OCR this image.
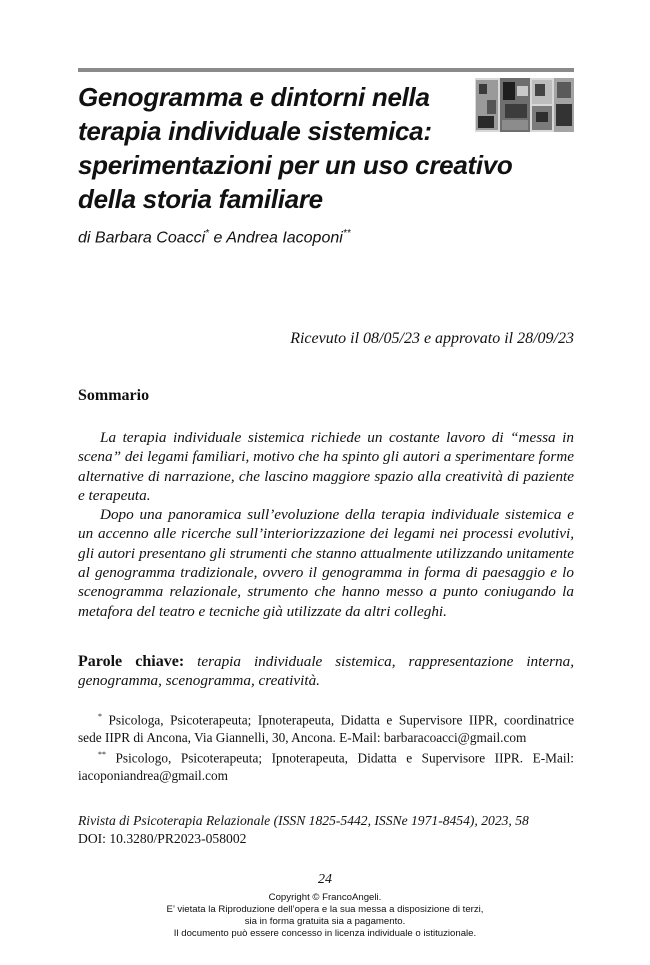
Genogramma e dintorni nella
terapia individuale sistemica:
sperimentazioni per un uso creativo
della storia familiare
di Barbara Coacci* e Andrea Iacoponi**
Ricevuto il 08/05/23 e approvato il 28/09/23
Sommario

La terapia individuale sistemica richiede un costante lavoro di “messa in scena” dei legami familiari, motivo che ha spinto gli autori a sperimentare forme alternative di narrazione, che lascino maggiore spazio alla creatività di paziente e terapeuta.

Dopo una panoramica sull’evoluzione della terapia individuale sistemica e un accenno alle ricerche sull’interiorizzazione dei legami nei processi evolutivi, gli autori presentano gli strumenti che stanno attualmente utilizzando unitamente al genogramma tradizionale, ovvero il genogramma in forma di paesaggio e lo scenogramma relazionale, strumento che hanno messo a punto coniugando la metafora del teatro e tecniche già utilizzate da altri colleghi.

Parole chiave: terapia individuale sistemica, rappresentazione interna, genogramma, scenogramma, creatività.

* Psicologa, Psicoterapeuta; Ipnoterapeuta, Didatta e Supervisore IIPR, coordinatrice sede IIPR di Ancona, Via Giannelli, 30, Ancona. E-Mail: barbaracoacci@gmail.com

** Psicologo, Psicoterapeuta; Ipnoterapeuta, Didatta e Supervisore IIPR. E-Mail: iacoponiandrea@gmail.com

Rivista di Psicoterapia Relazionale (ISSN 1825-5442, ISSNe 1971-8454), 2023, 58
DOI: 10.3280/PR2023-058002
24
Copyright © FrancoAngeli.
E’ vietata la Riproduzione dell’opera e la sua messa a disposizione di terzi,
sia in forma gratuita sia a pagamento.
Il documento può essere concesso in licenza individuale o istituzionale.
